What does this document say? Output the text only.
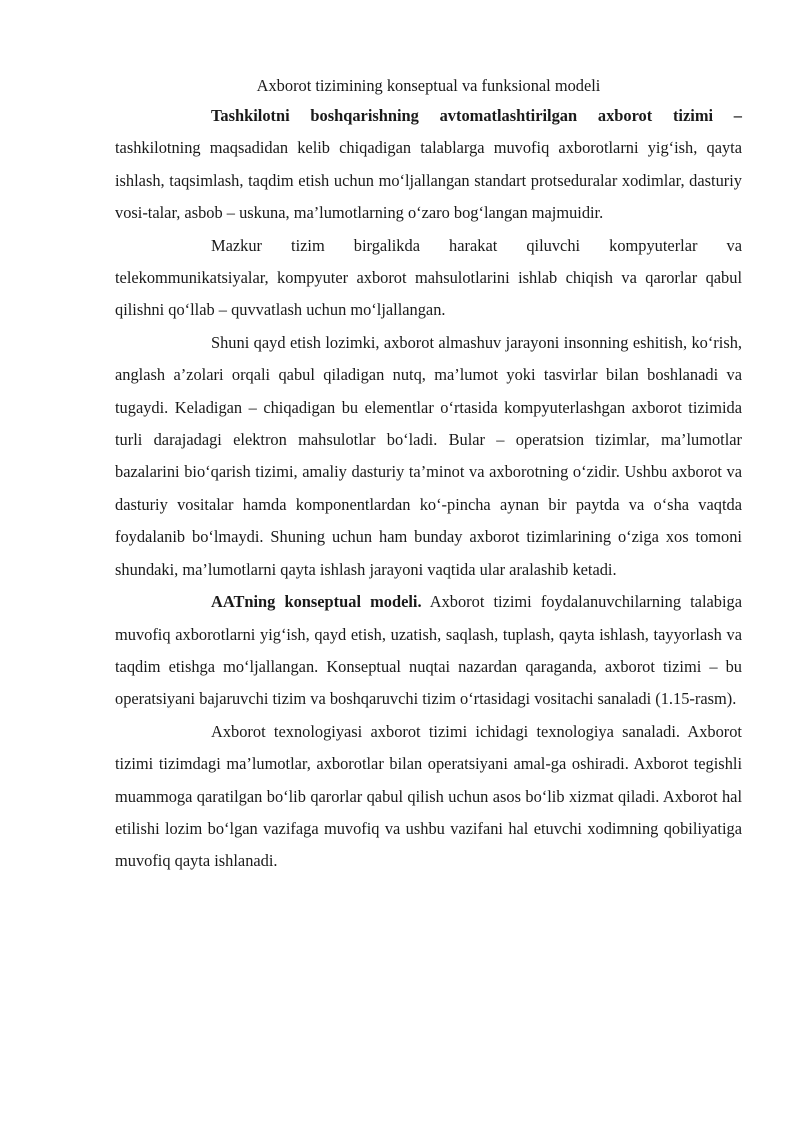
Axborot tizimining konseptual va funksional modeli

Tashkilotni boshqarishning avtomatlashtirilgan axborot tizimi – tashkilotning maqsadidan kelib chiqadigan talablarga muvofiq axborotlarni yig‘ish, qayta ishlash, taqsimlash, taqdim etish uchun mo‘ljallangan standart protseduralar xodimlar, dasturiy vosi-talar, asbob – uskuna, ma’lumotlarning o‘zaro bog‘langan majmuidir.

Mazkur tizim birgalikda harakat qiluvchi kompyuterlar va telekommunikatsiyalar, kompyuter axborot mahsulotlarini ishlab chiqish va qarorlar qabul qilishni qo‘llab – quvvatlash uchun mo‘ljallangan.

Shuni qayd etish lozimki, axborot almashuv jarayoni insonning eshitish, ko‘rish, anglash a’zolari orqali qabul qiladigan nutq, ma’lumot yoki tasvirlar bilan boshlanadi va tugaydi. Keladigan – chiqadigan bu elementlar o‘rtasida kompyuterlashgan axborot tizimida turli darajadagi elektron mahsulotlar bo‘ladi. Bular – operatsion tizimlar, ma’lumotlar bazalarini bio‘qarish tizimi, amaliy dasturiy ta’minot va axborotning o‘zidir. Ushbu axborot va dasturiy vositalar hamda komponentlardan ko‘-pincha aynan bir paytda va o‘sha vaqtda foydalanib bo‘lmaydi. Shuning uchun ham bunday axborot tizimlarining o‘ziga xos tomoni shundaki, ma’lumotlarni qayta ishlash jarayoni vaqtida ular aralashib ketadi.

AATning konseptual modeli. Axborot tizimi foydalanuvchilarning talabiga muvofiq axborotlarni yig‘ish, qayd etish, uzatish, saqlash, tuplash, qayta ishlash, tayyorlash va taqdim etishga mo‘ljallangan. Konseptual nuqtai nazardan qaraganda, axborot tizimi – bu operatsiyani bajaruvchi tizim va boshqaruvchi tizim o‘rtasidagi vositachi sanaladi (1.15-rasm).

Axborot texnologiyasi axborot tizimi ichidagi texnologiya sanaladi. Axborot tizimi tizimdagi ma’lumotlar, axborotlar bilan operatsiyani amal-ga oshiradi. Axborot tegishli muammoga qaratilgan bo‘lib qarorlar qabul qilish uchun asos bo‘lib xizmat qiladi. Axborot hal etilishi lozim bo‘lgan vazifaga muvofiq va ushbu vazifani hal etuvchi xodimning qobiliyatiga muvofiq qayta ishlanadi.
